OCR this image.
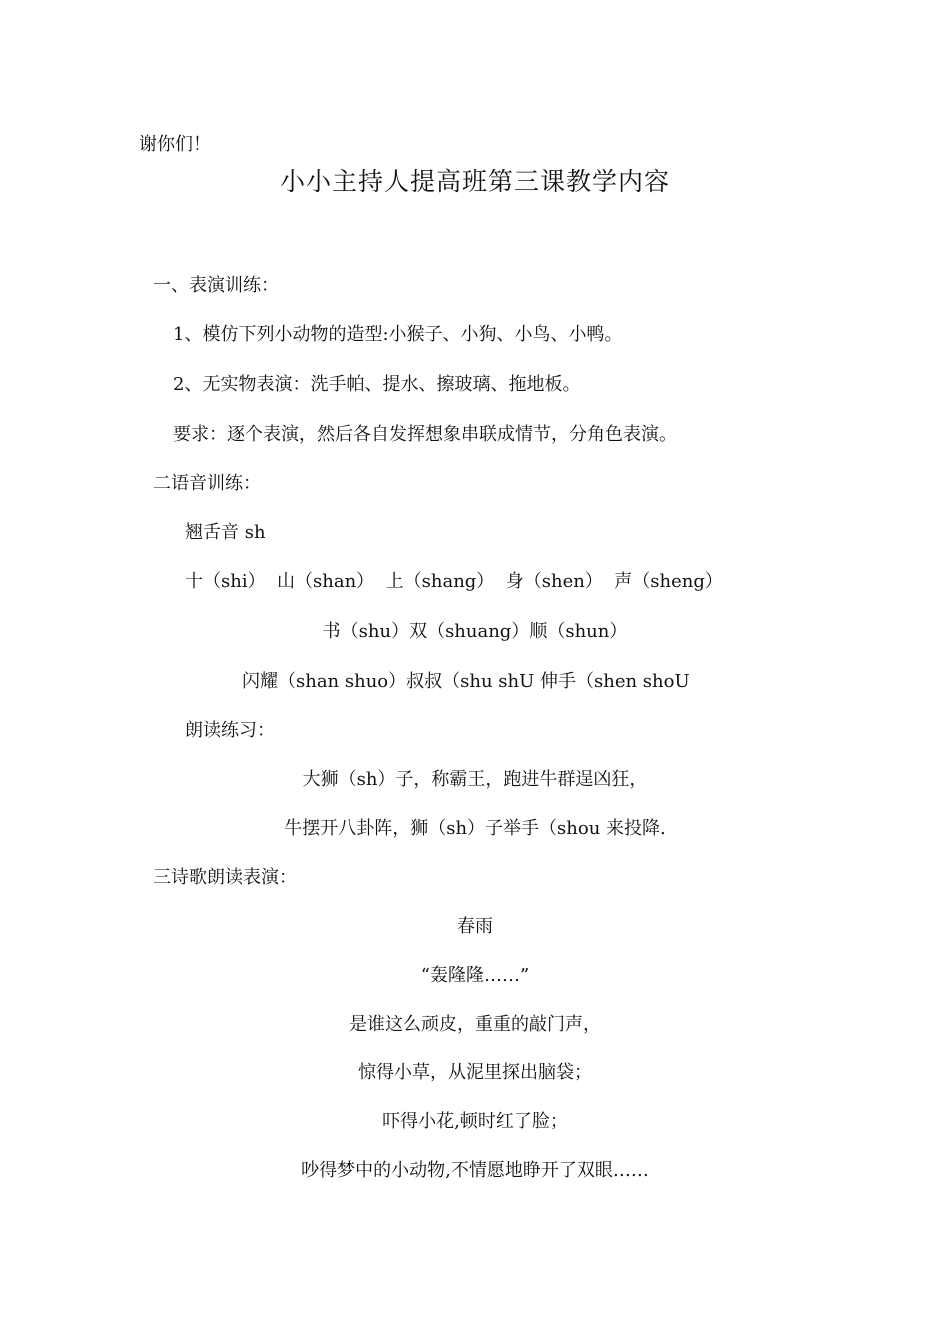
谢你们！
小小主持人提高班第三课教学内容
一、表演训练：
1、模仿下列小动物的造型:小猴子、小狗、小鸟、小鸭。
2、无实物表演：洗手帕、提水、擦玻璃、拖地板。
要求：逐个表演，然后各自发挥想象串联成情节，分角色表演。
二语音训练：
翘舌音 sh
十（shi）  山（shan）  上（shang）  身（shen）  声（sheng）
书（shu）双（shuang）顺（shun）
闪耀（shan shuo）叔叔（shu shU 伸手（shen shoU
朗读练习：
大狮（sh）子，称霸王，跑进牛群逞凶狂，
牛摆开八卦阵，狮（sh）子举手（shou 来投降.
三诗歌朗读表演：
春雨
“轰隆隆……”
是谁这么顽皮，重重的敲门声，
惊得小草，从泥里探出脑袋；
吓得小花,顿时红了脸；
吵得梦中的小动物,不情愿地睁开了双眼……
